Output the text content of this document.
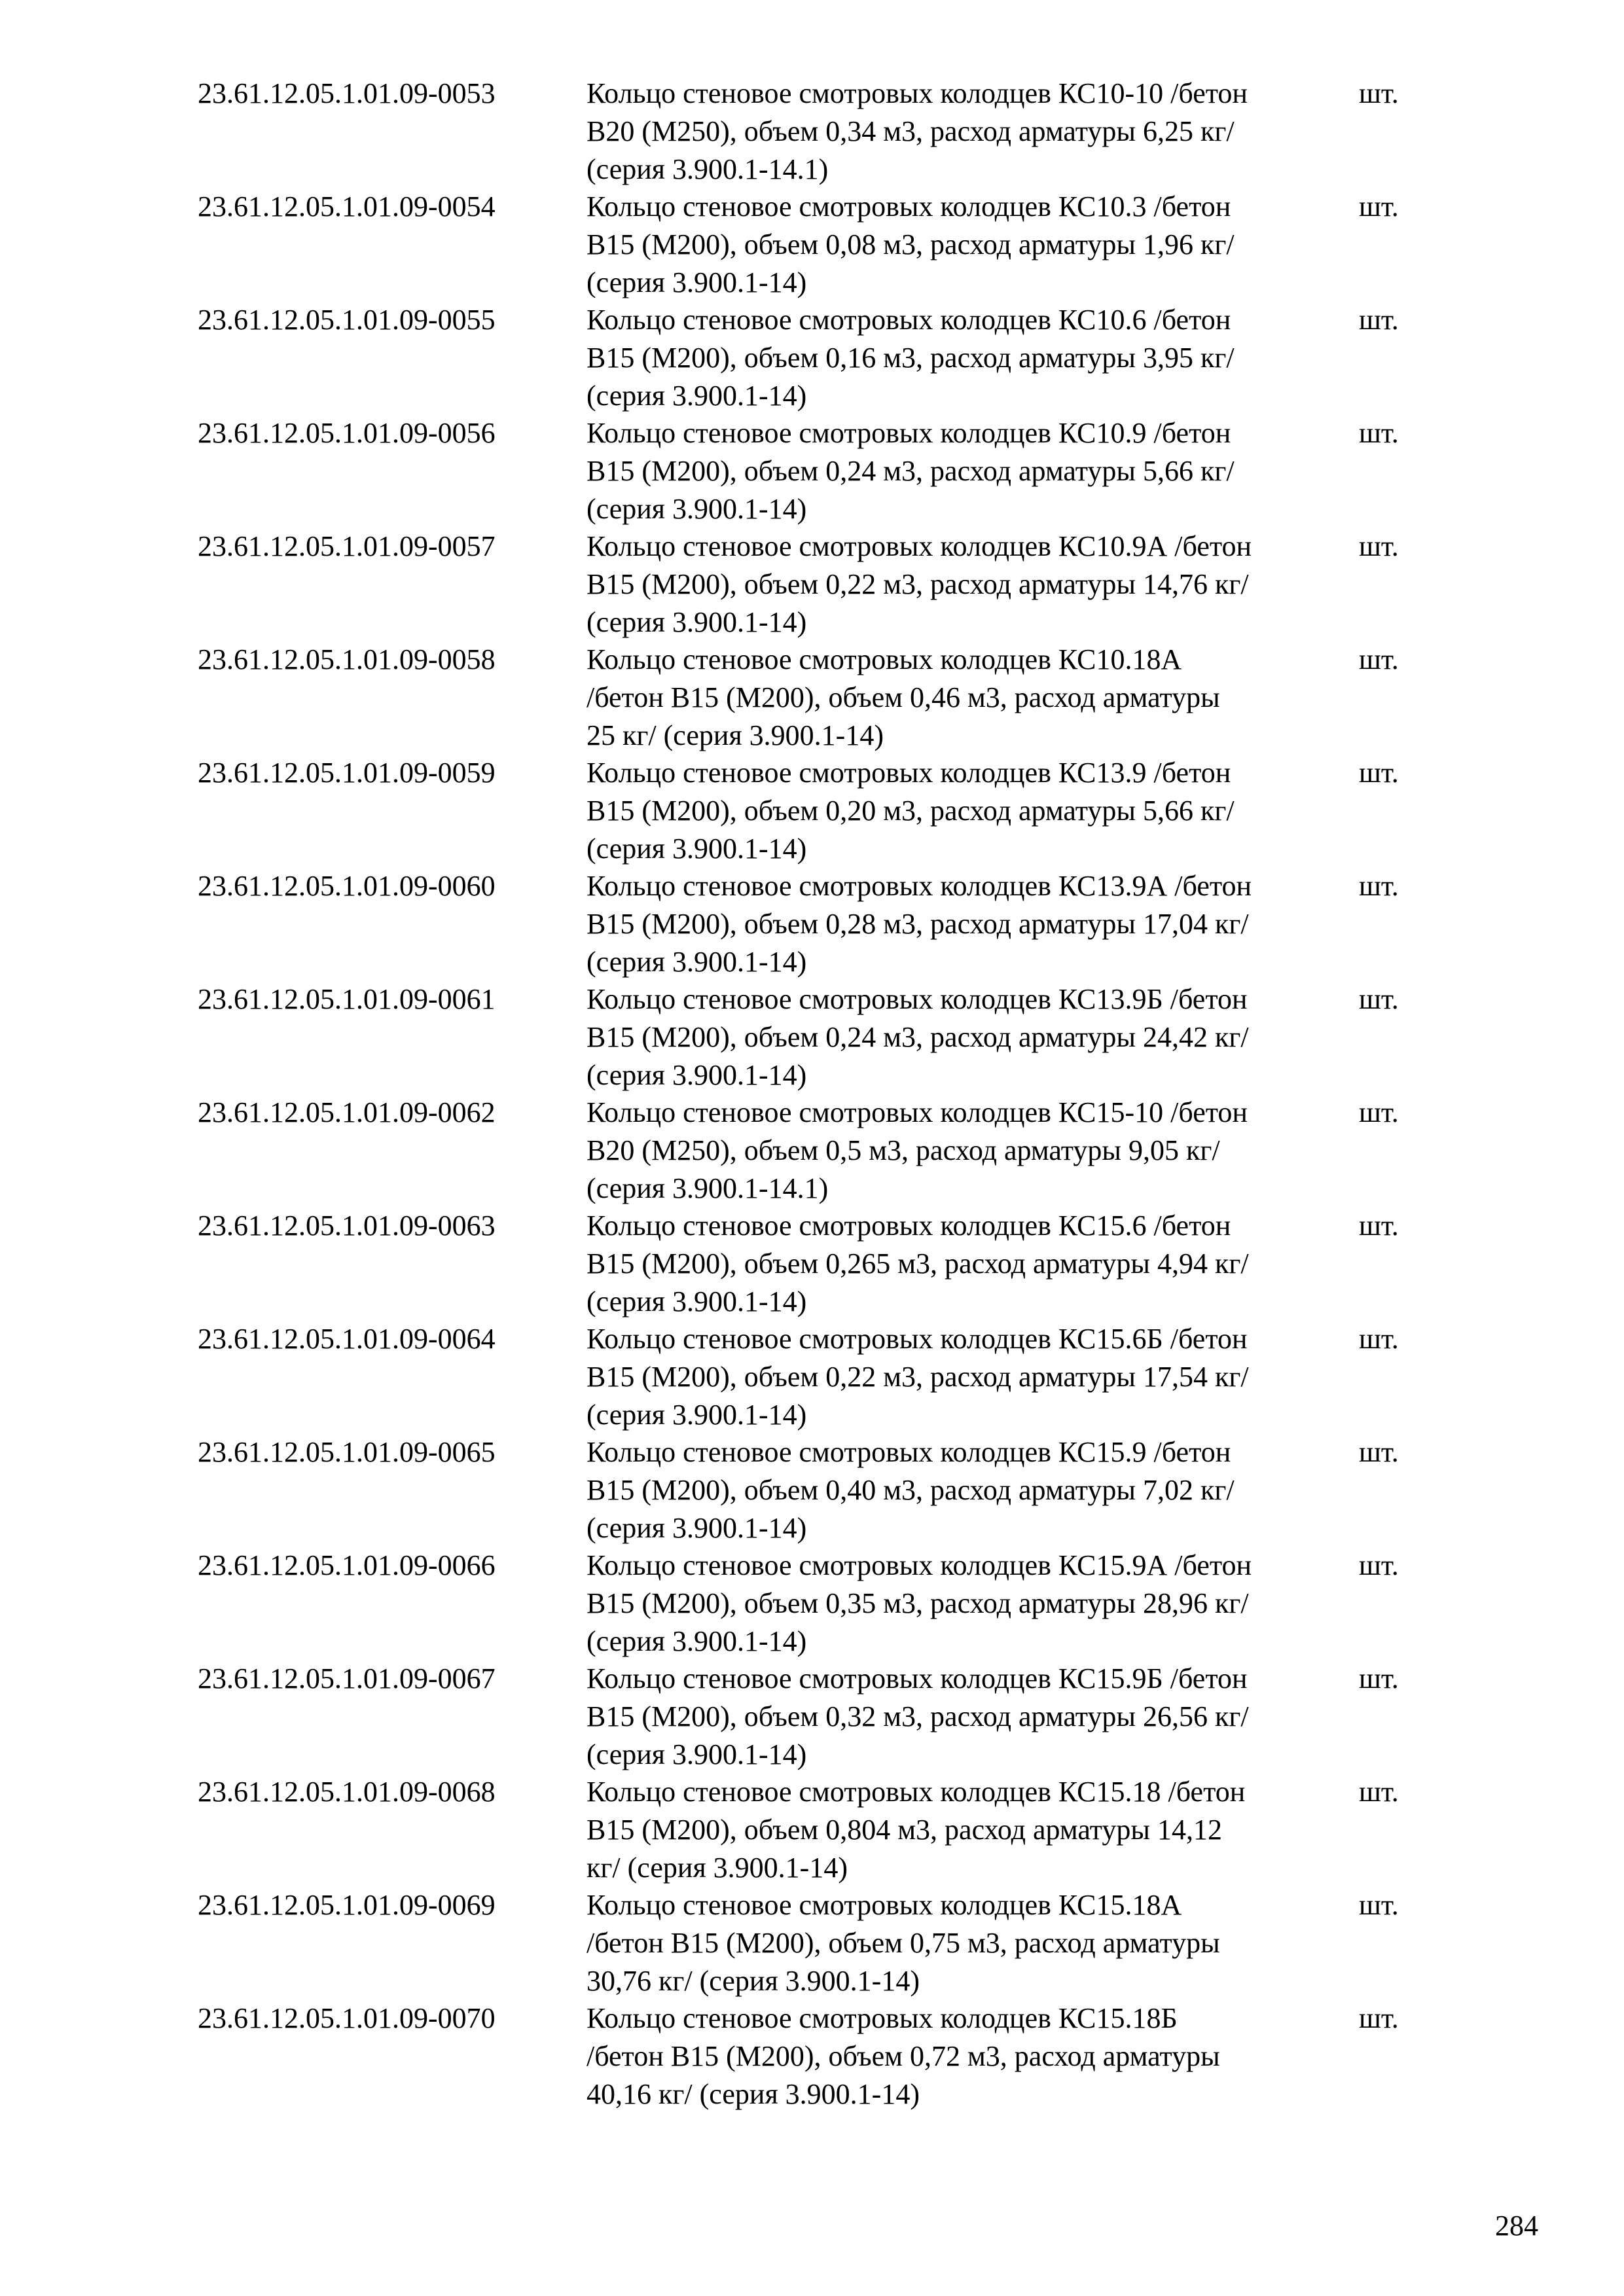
23.61.12.05.1.01.09-0053	Кольцо стеновое смотровых колодцев КС10-10 /бетон
В20 (М250), объем 0,34 м3, расход арматуры 6,25 кг/
(серия 3.900.1-14.1)
шт.
23.61.12.05.1.01.09-0054	Кольцо стеновое смотровых колодцев КС10.3 /бетон
В15 (М200), объем 0,08 м3, расход арматуры 1,96 кг/
(серия 3.900.1-14)
шт.
23.61.12.05.1.01.09-0055	Кольцо стеновое смотровых колодцев КС10.6 /бетон
В15 (М200), объем 0,16 м3, расход арматуры 3,95 кг/
(серия 3.900.1-14)
шт.
23.61.12.05.1.01.09-0056	Кольцо стеновое смотровых колодцев КС10.9 /бетон
В15 (М200), объем 0,24 м3, расход арматуры 5,66 кг/
(серия 3.900.1-14)
шт.
23.61.12.05.1.01.09-0057	Кольцо стеновое смотровых колодцев КС10.9А /бетон
В15 (М200), объем 0,22 м3, расход арматуры 14,76 кг/
(серия 3.900.1-14)
шт.
23.61.12.05.1.01.09-0058	Кольцо стеновое смотровых колодцев КС10.18А
/бетон В15 (М200), объем 0,46 м3, расход арматуры
25 кг/ (серия 3.900.1-14)
шт.
23.61.12.05.1.01.09-0059	Кольцо стеновое смотровых колодцев КС13.9 /бетон
В15 (М200), объем 0,20 м3, расход арматуры 5,66 кг/
(серия 3.900.1-14)
шт.
23.61.12.05.1.01.09-0060	Кольцо стеновое смотровых колодцев КС13.9А /бетон
В15 (М200), объем 0,28 м3, расход арматуры 17,04 кг/
(серия 3.900.1-14)
шт.
23.61.12.05.1.01.09-0061	Кольцо стеновое смотровых колодцев КС13.9Б /бетон
В15 (М200), объем 0,24 м3, расход арматуры 24,42 кг/
(серия 3.900.1-14)
шт.
23.61.12.05.1.01.09-0062	Кольцо стеновое смотровых колодцев КС15-10 /бетон
В20 (М250), объем 0,5 м3, расход арматуры 9,05 кг/
(серия 3.900.1-14.1)
шт.
23.61.12.05.1.01.09-0063	Кольцо стеновое смотровых колодцев КС15.6 /бетон
В15 (М200), объем 0,265 м3, расход арматуры 4,94 кг/
(серия 3.900.1-14)
шт.
23.61.12.05.1.01.09-0064	Кольцо стеновое смотровых колодцев КС15.6Б /бетон
В15 (М200), объем 0,22 м3, расход арматуры 17,54 кг/
(серия 3.900.1-14)
шт.
23.61.12.05.1.01.09-0065	Кольцо стеновое смотровых колодцев КС15.9 /бетон
В15 (М200), объем 0,40 м3, расход арматуры 7,02 кг/
(серия 3.900.1-14)
шт.
23.61.12.05.1.01.09-0066	Кольцо стеновое смотровых колодцев КС15.9А /бетон
В15 (М200), объем 0,35 м3, расход арматуры 28,96 кг/
(серия 3.900.1-14)
шт.
23.61.12.05.1.01.09-0067	Кольцо стеновое смотровых колодцев КС15.9Б /бетон
В15 (М200), объем 0,32 м3, расход арматуры 26,56 кг/
(серия 3.900.1-14)
шт.
23.61.12.05.1.01.09-0068	Кольцо стеновое смотровых колодцев КС15.18 /бетон
В15 (М200), объем 0,804 м3, расход арматуры 14,12
кг/ (серия 3.900.1-14)
шт.
23.61.12.05.1.01.09-0069	Кольцо стеновое смотровых колодцев КС15.18А
/бетон В15 (М200), объем 0,75 м3, расход арматуры
30,76 кг/ (серия 3.900.1-14)
шт.
23.61.12.05.1.01.09-0070	Кольцо стеновое смотровых колодцев КС15.18Б
/бетон В15 (М200), объем 0,72 м3, расход арматуры
40,16 кг/ (серия 3.900.1-14)
шт.
284
